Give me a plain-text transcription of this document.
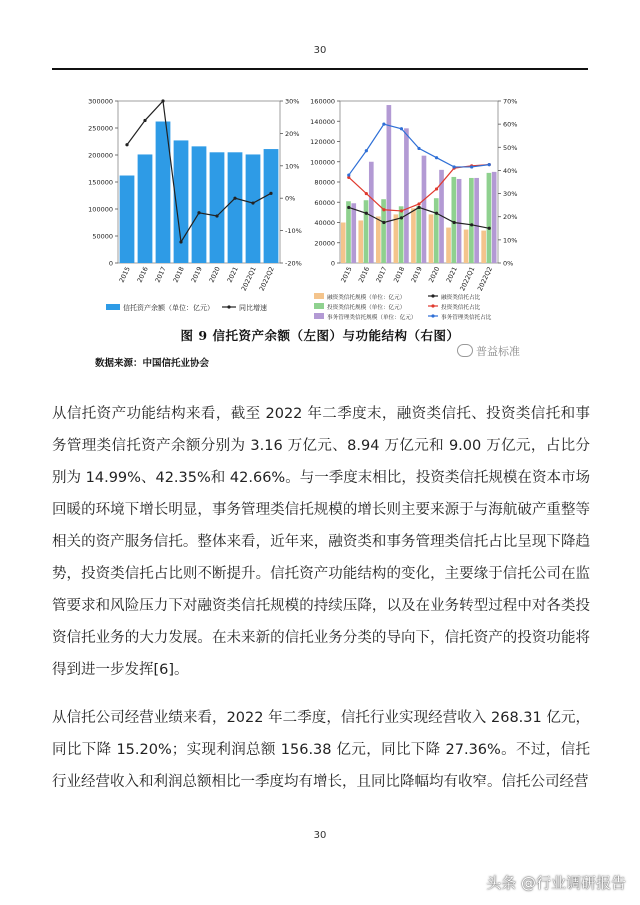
30
0
50000
100000
150000
200000
250000
300000
-20%
-10%
0%
10%
20%
30%
2015 2016 2017 2018 2019 2020 2021 2022Q1 2022Q2
信托资产余额（单位：亿元）	同比增速
0
20000
40000
60000
80000
100000
120000
140000
160000
0%
10%
20%
30%
40%
50%
60%
70%
2015 2016 2017 2018 2019 2020 2021 2022Q1 2022Q2
融资类信托规模（单位：亿元）
投资类信托规模（单位：亿元）
事务管理类信托规模（单位：亿元）
融资类信托占比
投资类信托占比
事务管理类信托占比
图 9 信托资产余额（左图）与功能结构（右图）
普益标准
数据来源：中国信托业协会

从信托资产功能结构来看，截至 2022 年二季度末，融资类信托、投资类信托和事务管理类信托资产余额分别为 3.16 万亿元、8.94 万亿元和 9.00 万亿元，占比分别为 14.99%、42.35%和 42.66%。与一季度末相比，投资类信托规模在资本市场回暖的环境下增长明显，事务管理类信托规模的增长则主要来源于与海航破产重整等相关的资产服务信托。整体来看，近年来，融资类和事务管理类信托占比呈现下降趋势，投资类信托占比则不断提升。信托资产功能结构的变化，主要缘于信托公司在监管要求和风险压力下对融资类信托规模的持续压降，以及在业务转型过程中对各类投资信托业务的大力发展。在未来新的信托业务分类的导向下，信托资产的投资功能将得到进一步发挥[6]。

从信托公司经营业绩来看，2022 年二季度，信托行业实现经营收入 268.31 亿元，同比下降 15.20%；实现利润总额 156.38 亿元，同比下降 27.36%。不过，信托行业经营收入和利润总额相比一季度均有增长，且同比降幅均有收窄。信托公司经营

30
头条 @行业调研报告
